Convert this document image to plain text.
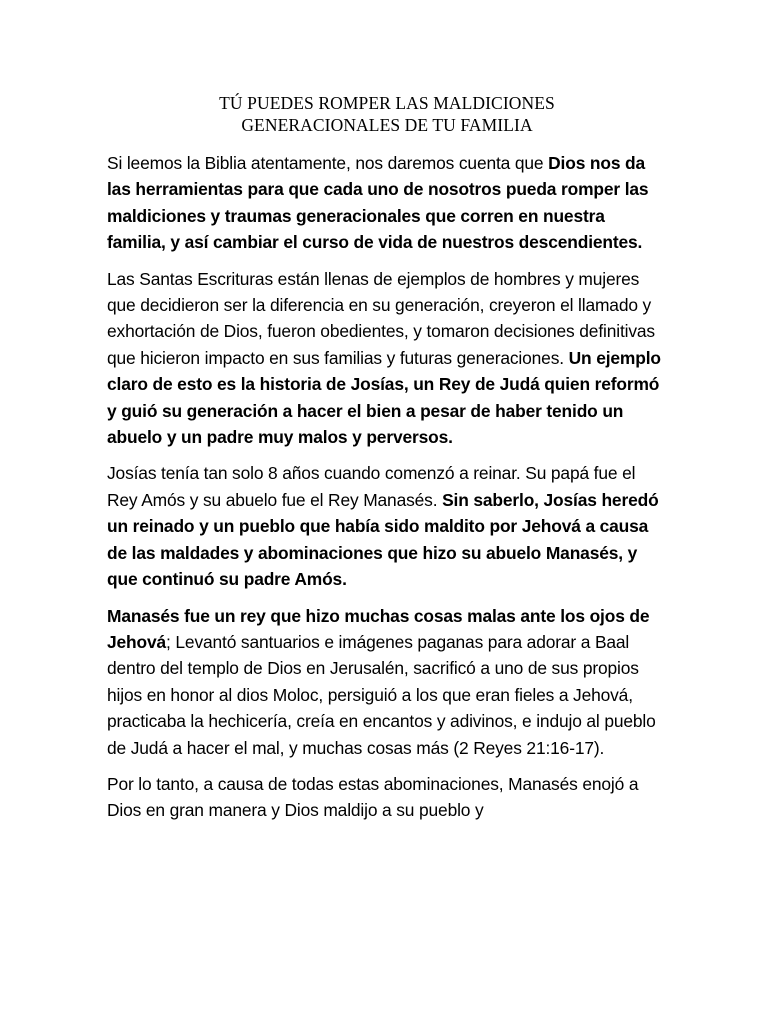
TÚ PUEDES ROMPER LAS MALDICIONES
GENERACIONALES DE TU FAMILIA

Si leemos la Biblia atentamente, nos daremos cuenta que Dios nos da las herramientas para que cada uno de nosotros pueda romper las maldiciones y traumas generacionales que corren en nuestra familia, y así cambiar el curso de vida de nuestros descendientes.

Las Santas Escrituras están llenas de ejemplos de hombres y mujeres que decidieron ser la diferencia en su generación, creyeron el llamado y exhortación de Dios, fueron obedientes, y tomaron decisiones definitivas que hicieron impacto en sus familias y futuras generaciones. Un ejemplo claro de esto es la historia de Josías, un Rey de Judá quien reformó y guió su generación a hacer el bien a pesar de haber tenido un abuelo y un padre muy malos y perversos.

Josías tenía tan solo 8 años cuando comenzó a reinar. Su papá fue el Rey Amós y su abuelo fue el Rey Manasés. Sin saberlo, Josías heredó un reinado y un pueblo que había sido maldito por Jehová a causa de las maldades y abominaciones que hizo su abuelo Manasés, y que continuó su padre Amós.

Manasés fue un rey que hizo muchas cosas malas ante los ojos de Jehová; Levantó santuarios e imágenes paganas para adorar a Baal dentro del templo de Dios en Jerusalén, sacrificó a uno de sus propios hijos en honor al dios Moloc, persiguió a los que eran fieles a Jehová, practicaba la hechicería, creía en encantos y adivinos, e indujo al pueblo de Judá a hacer el mal, y muchas cosas más (2 Reyes 21:16-17).

Por lo tanto, a causa de todas estas abominaciones, Manasés enojó a Dios en gran manera y Dios maldijo a su pueblo y
